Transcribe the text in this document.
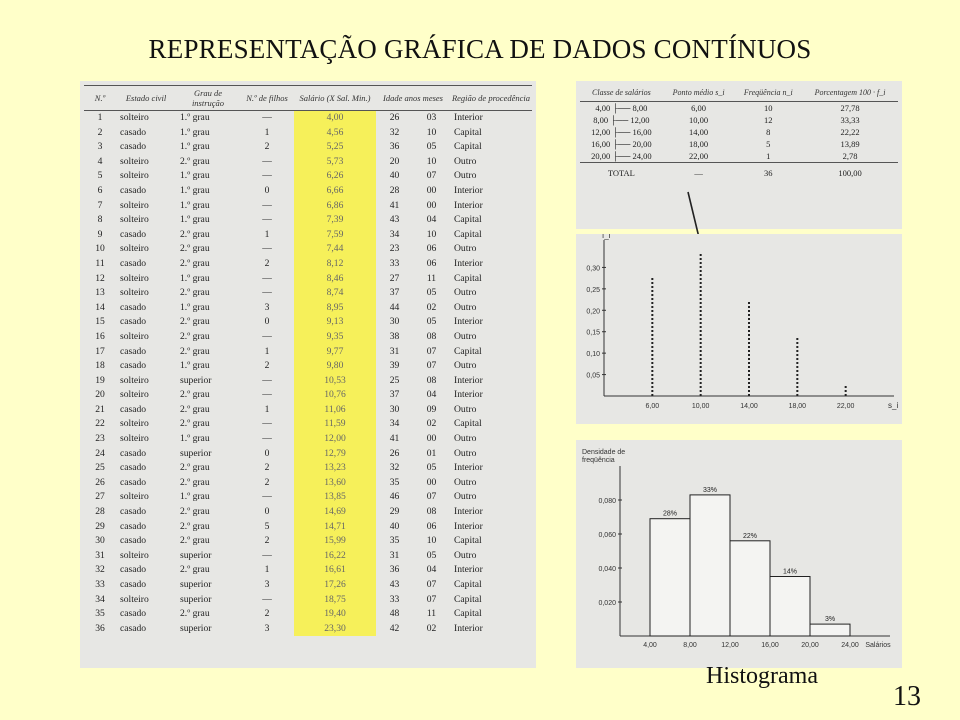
REPRESENTAÇÃO GRÁFICA DE DADOS CONTÍNUOS
N.º	Estado civil	Grau de instrução	N.º de filhos	Salário (X Sal. Min.)	Idade anos meses		Região de procedência
1	solteiro	1.º grau	—	4,00	26	03	Interior
2	casado	1.º grau	1	4,56	32	10	Capital
3	casado	1.º grau	2	5,25	36	05	Capital
4	solteiro	2.º grau	—	5,73	20	10	Outro
5	solteiro	1.º grau	—	6,26	40	07	Outro
6	casado	1.º grau	0	6,66	28	00	Interior
7	solteiro	1.º grau	—	6,86	41	00	Interior
8	solteiro	1.º grau	—	7,39	43	04	Capital
9	casado	2.º grau	1	7,59	34	10	Capital
10	solteiro	2.º grau	—	7,44	23	06	Outro
11	casado	2.º grau	2	8,12	33	06	Interior
12	solteiro	1.º grau	—	8,46	27	11	Capital
13	solteiro	2.º grau	—	8,74	37	05	Outro
14	casado	1.º grau	3	8,95	44	02	Outro
15	casado	2.º grau	0	9,13	30	05	Interior
16	solteiro	2.º grau	—	9,35	38	08	Outro
17	casado	2.º grau	1	9,77	31	07	Capital
18	casado	1.º grau	2	9,80	39	07	Outro
19	solteiro	superior	—	10,53	25	08	Interior
20	solteiro	2.º grau	—	10,76	37	04	Interior
21	casado	2.º grau	1	11,06	30	09	Outro
22	solteiro	2.º grau	—	11,59	34	02	Capital
23	solteiro	1.º grau	—	12,00	41	00	Outro
24	casado	superior	0	12,79	26	01	Outro
25	casado	2.º grau	2	13,23	32	05	Interior
26	casado	2.º grau	2	13,60	35	00	Outro
27	solteiro	1.º grau	—	13,85	46	07	Outro
28	casado	2.º grau	0	14,69	29	08	Interior
29	casado	2.º grau	5	14,71	40	06	Interior
30	casado	2.º grau	2	15,99	35	10	Capital
31	solteiro	superior	—	16,22	31	05	Outro
32	casado	2.º grau	1	16,61	36	04	Interior
33	casado	superior	3	17,26	43	07	Capital
34	solteiro	superior	—	18,75	33	07	Capital
35	casado	2.º grau	2	19,40	48	11	Capital
36	casado	superior	3	23,30	42	02	Interior
Classe de salários	Ponto médio s_i	Freqüência n_i	Porcentagem 100 · f_i
4,00 ├── 8,00	6,00	10	27,78
8,00 ├── 12,00	10,00	12	33,33
12,00 ├── 16,00	14,00	8	22,22
16,00 ├── 20,00	18,00	5	13,89
20,00 ├── 24,00	22,00	1	2,78
TOTAL	—	36	100,00
f_i
0,05
0,10
0,15
0,20
0,25
0,30
6,00	10,00	14,00	18,00	22,00	s_i
Densidade de freqüência
0,020
0,040
0,060
0,080
28%
33%
22%
14%
3%
4,00	8,00	12,00	16,00	20,00	24,00 Salários
Histograma
13
